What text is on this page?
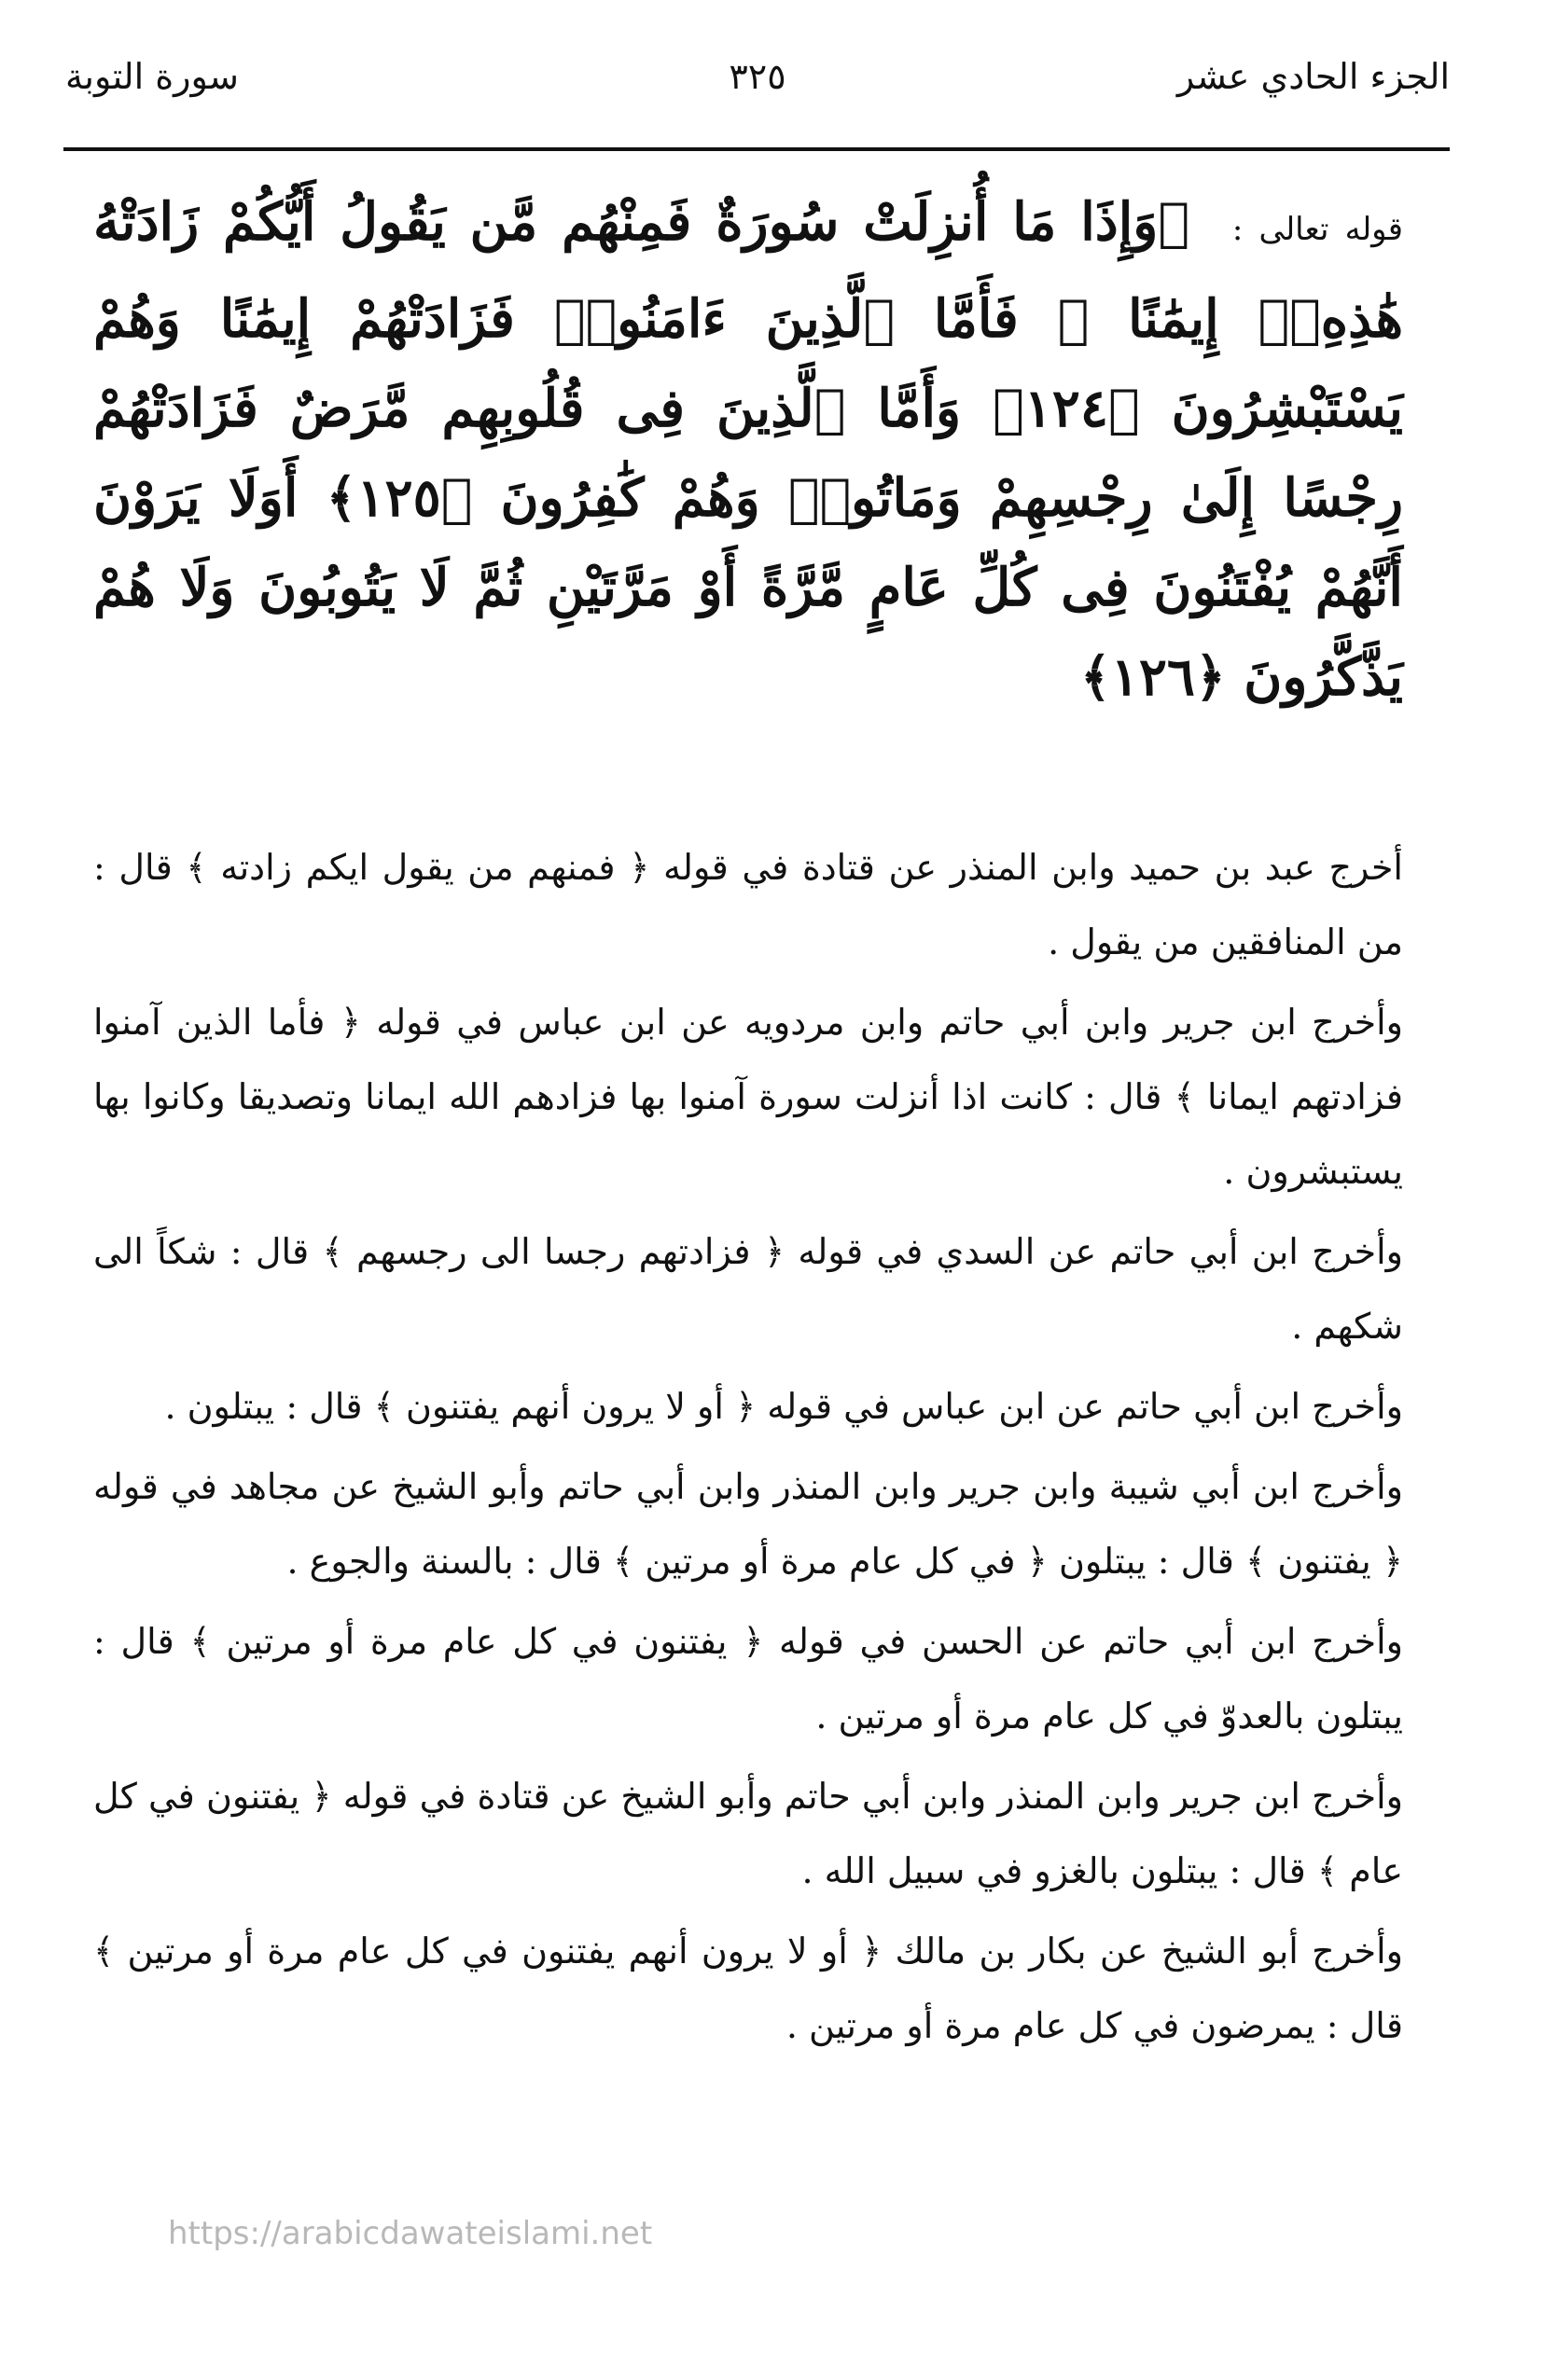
الجزء الحادي عشر
٣٢٥
سورة التوبة
قوله تعالى : ﴿وَإِذَا مَا أُنزِلَتْ سُورَةٌ فَمِنْهُم مَّن يَقُولُ أَيُّكُمْ زَادَتْهُ هَٰذِهِۦٓ إِيمَٰنًا ۚ فَأَمَّا ٱلَّذِينَ ءَامَنُوا۟ فَزَادَتْهُمْ إِيمَٰنًا وَهُمْ يَسْتَبْشِرُونَ ﴿١٢٤﴾ وَأَمَّا ٱلَّذِينَ فِى قُلُوبِهِم مَّرَضٌ فَزَادَتْهُمْ رِجْسًا إِلَىٰ رِجْسِهِمْ وَمَاتُوا۟ وَهُمْ كَٰفِرُونَ ﴿١٢٥﴾ أَوَلَا يَرَوْنَ أَنَّهُمْ يُفْتَنُونَ فِى كُلِّ عَامٍ مَّرَّةً أَوْ مَرَّتَيْنِ ثُمَّ لَا يَتُوبُونَ وَلَا هُمْ يَذَّكَّرُونَ ﴿١٢٦﴾

أخرج عبد بن حميد وابن المنذر عن قتادة في قوله ﴿ فمنهم من يقول ايكم زادته ﴾ قال : من المنافقين من يقول .

وأخرج ابن جرير وابن أبي حاتم وابن مردويه عن ابن عباس في قوله ﴿ فأما الذين آمنوا فزادتهم ايمانا ﴾ قال : كانت اذا أنزلت سورة آمنوا بها فزادهم الله ايمانا وتصديقا وكانوا بها يستبشرون .

وأخرج ابن أبي حاتم عن السدي في قوله ﴿ فزادتهم رجسا الى رجسهم ﴾ قال : شكاً الى شكهم .

وأخرج ابن أبي حاتم عن ابن عباس في قوله ﴿ أو لا يرون أنهم يفتنون ﴾ قال : يبتلون .

وأخرج ابن أبي شيبة وابن جرير وابن المنذر وابن أبي حاتم وأبو الشيخ عن مجاهد في قوله ﴿ يفتنون ﴾ قال : يبتلون ﴿ في كل عام مرة أو مرتين ﴾ قال : بالسنة والجوع .

وأخرج ابن أبي حاتم عن الحسن في قوله ﴿ يفتنون في كل عام مرة أو مرتين ﴾ قال : يبتلون بالعدوّ في كل عام مرة أو مرتين .

وأخرج ابن جرير وابن المنذر وابن أبي حاتم وأبو الشيخ عن قتادة في قوله ﴿ يفتنون في كل عام ﴾ قال : يبتلون بالغزو في سبيل الله .

وأخرج أبو الشيخ عن بكار بن مالك ﴿ أو لا يرون أنهم يفتنون في كل عام مرة أو مرتين ﴾ قال : يمرضون في كل عام مرة أو مرتين .

https://arabicdawateislami.net
